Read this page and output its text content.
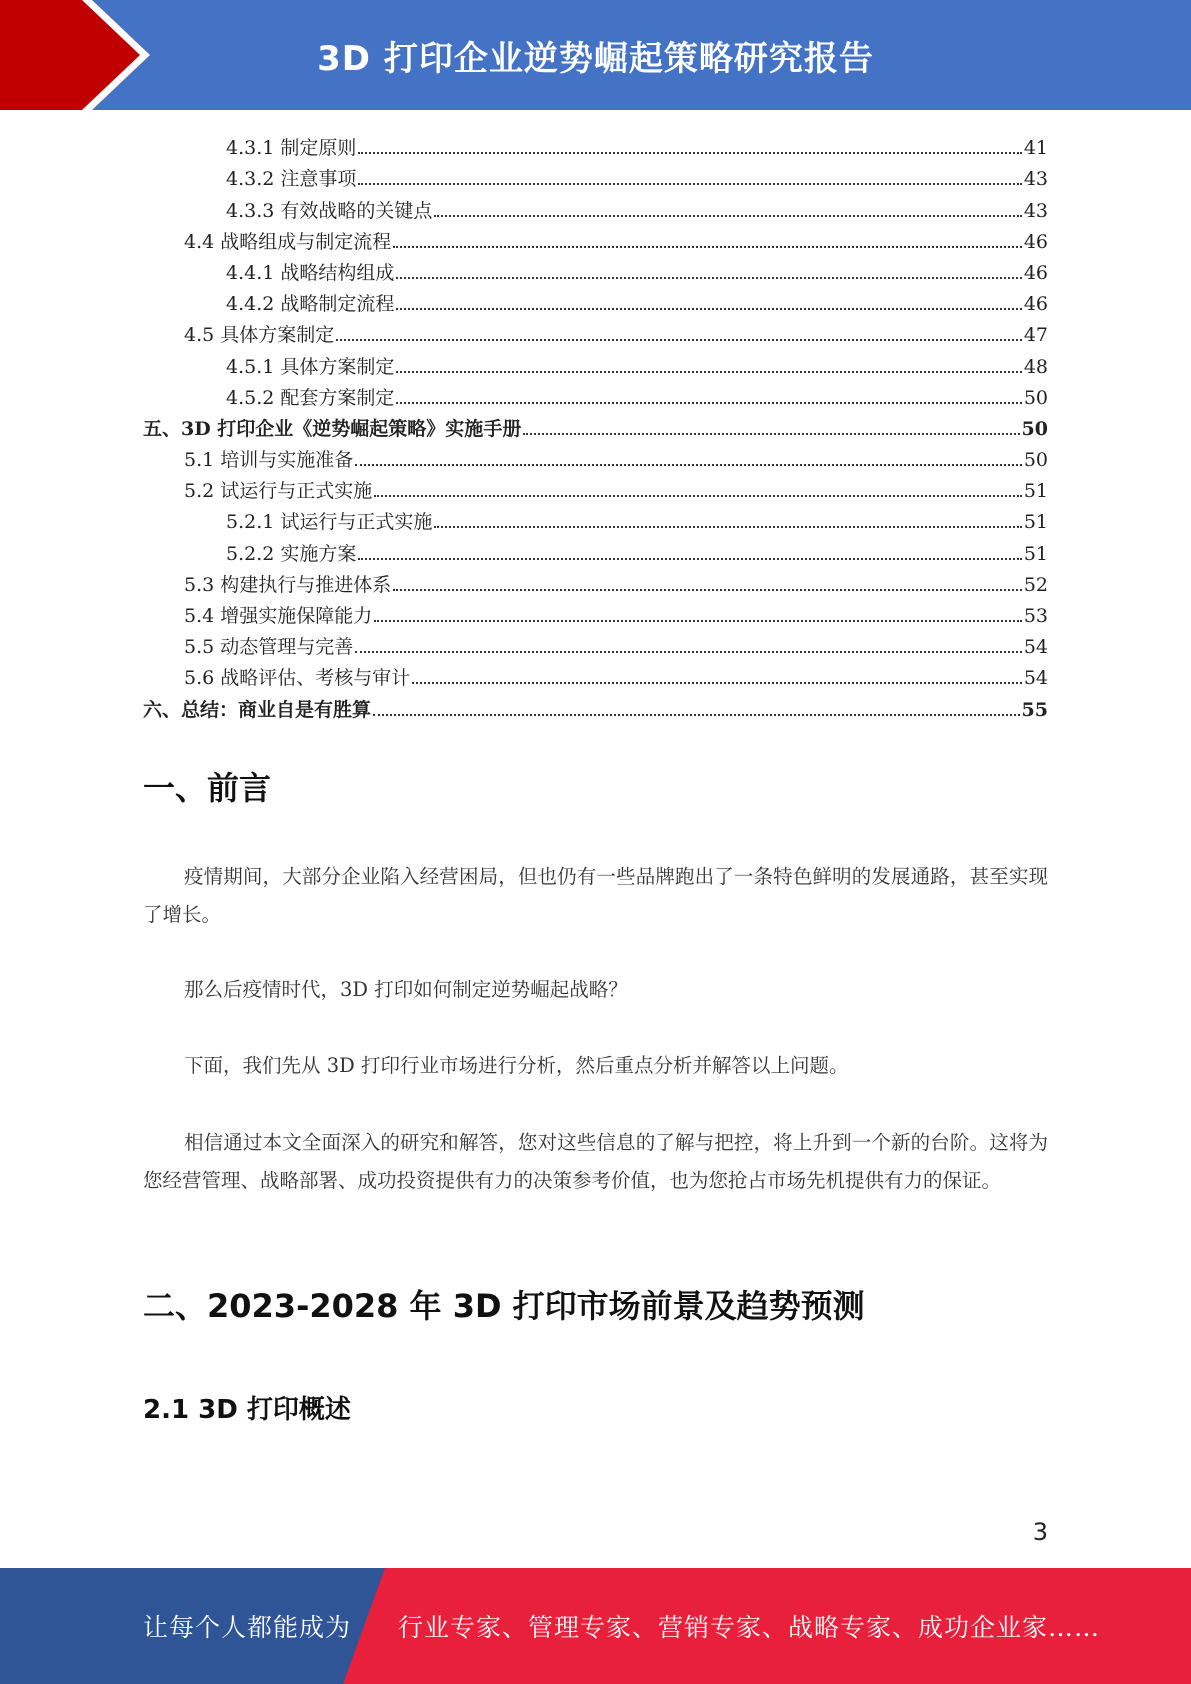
3D 打印企业逆势崛起策略研究报告
4.3.1 制定原则	41
4.3.2 注意事项	43
4.3.3 有效战略的关键点	43
4.4 战略组成与制定流程	46
4.4.1 战略结构组成	46
4.4.2 战略制定流程	46
4.5 具体方案制定	47
4.5.1 具体方案制定	48
4.5.2 配套方案制定	50
五、3D 打印企业《逆势崛起策略》实施手册	50
5.1 培训与实施准备	50
5.2 试运行与正式实施	51
5.2.1 试运行与正式实施	51
5.2.2 实施方案	51
5.3 构建执行与推进体系	52
5.4 增强实施保障能力	53
5.5 动态管理与完善	54
5.6 战略评估、考核与审计	54
六、总结：商业自是有胜算	55
一、前言
疫情期间，大部分企业陷入经营困局，但也仍有一些品牌跑出了一条特色鲜明的发展通路，甚至实现了增长。
那么后疫情时代，3D 打印如何制定逆势崛起战略？
下面，我们先从 3D 打印行业市场进行分析，然后重点分析并解答以上问题。
相信通过本文全面深入的研究和解答，您对这些信息的了解与把控，将上升到一个新的台阶。这将为您经营管理、战略部署、成功投资提供有力的决策参考价值，也为您抢占市场先机提供有力的保证。
二、2023-2028 年 3D 打印市场前景及趋势预测
2.1 3D 打印概述
3
让每个人都能成为 行业专家、管理专家、营销专家、战略专家、成功企业家……
